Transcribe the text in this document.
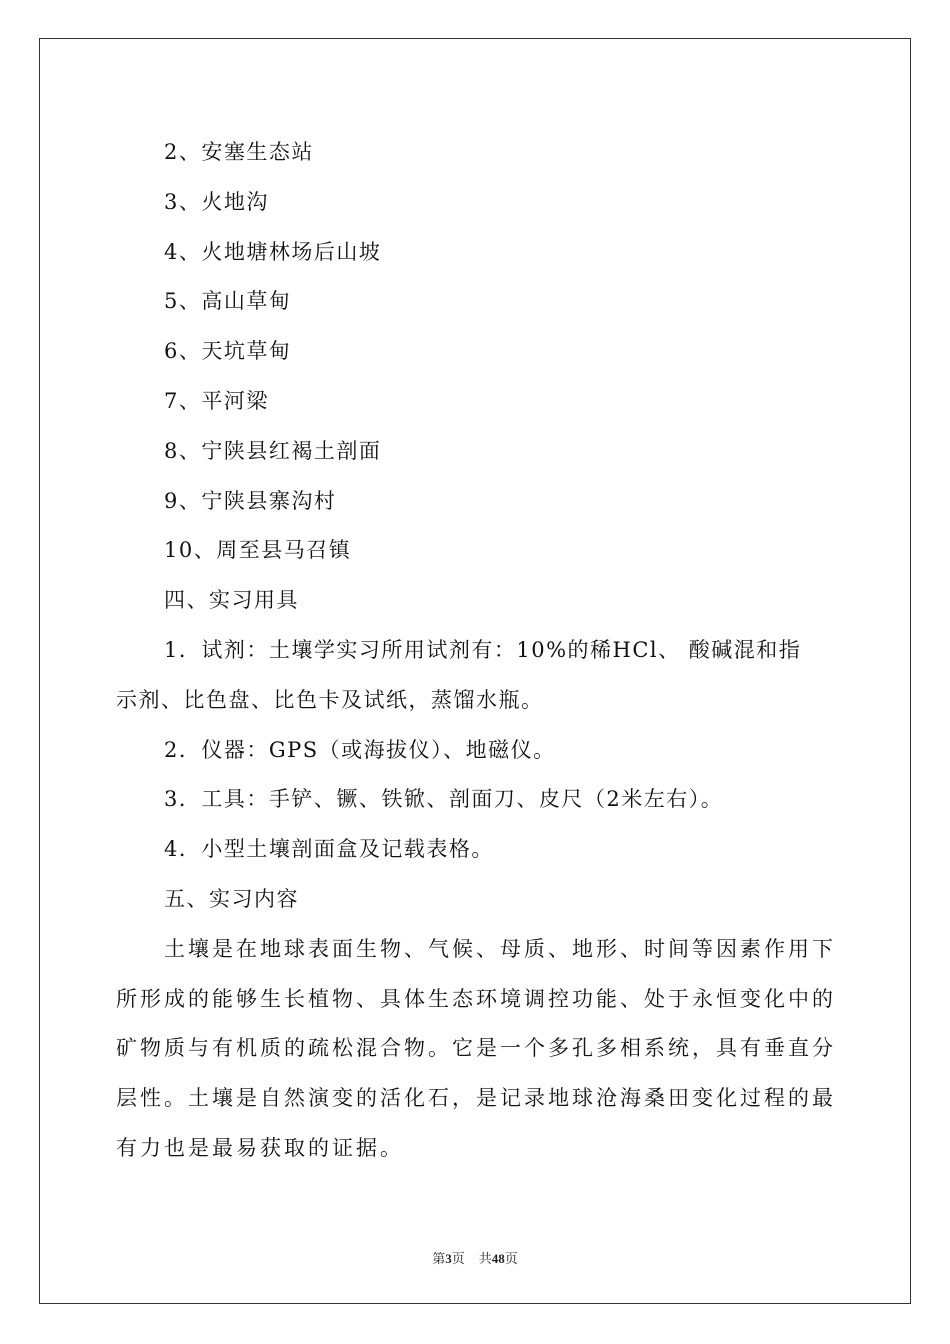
2、安塞生态站
3、火地沟
4、火地塘林场后山坡
5、高山草甸
6、天坑草甸
7、平河梁
8、宁陕县红褐土剖面
9、宁陕县寨沟村
10、周至县马召镇
四、实习用具
1．试剂：土壤学实习所用试剂有：10%的稀HCl、 酸碱混和指
示剂、比色盘、比色卡及试纸，蒸馏水瓶。
2．仪器：GPS（或海拔仪）、地磁仪。
3．工具：手铲、镢、铁锨、剖面刀、皮尺（2米左右）。
4．小型土壤剖面盒及记载表格。
五、实习内容
土壤是在地球表面生物、气候、母质、地形、时间等因素作用下
所形成的能够生长植物、具体生态环境调控功能、处于永恒变化中的
矿物质与有机质的疏松混合物。它是一个多孔多相系统，具有垂直分
层性。土壤是自然演变的活化石，是记录地球沧海桑田变化过程的最
有力也是最易获取的证据。
第3页 共48页
